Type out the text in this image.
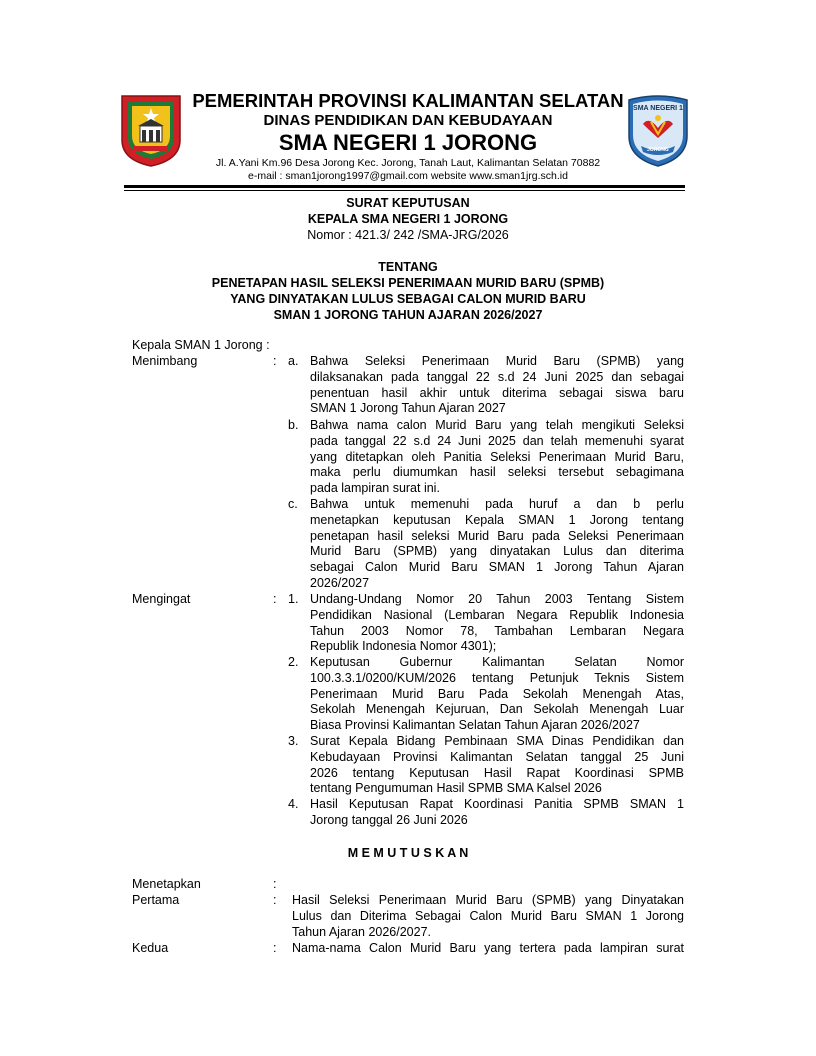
SMA NEGERI 1
JORONG
PEMERINTAH PROVINSI KALIMANTAN SELATAN
DINAS PENDIDIKAN DAN KEBUDAYAAN
SMA NEGERI 1 JORONG
Jl. A.Yani Km.96 Desa Jorong Kec. Jorong, Tanah Laut, Kalimantan Selatan 70882
e-mail : sman1jorong1997@gmail.com website www.sman1jrg.sch.id
SURAT KEPUTUSAN
KEPALA SMA NEGERI 1 JORONG
Nomor : 421.3/ 242 /SMA-JRG/2026
TENTANG
PENETAPAN HASIL SELEKSI PENERIMAAN MURID BARU (SPMB)
YANG DINYATAKAN LULUS SEBAGAI CALON MURID BARU
SMAN 1 JORONG TAHUN AJARAN 2026/2027
Kepala SMAN 1 Jorong :
Menimbang	: a. Bahwa Seleksi Penerimaan Murid Baru (SPMB) yang
dilaksanakan pada tanggal 22 s.d 24 Juni 2025 dan sebagai
penentuan hasil akhir untuk diterima sebagai siswa baru
SMAN 1 Jorong Tahun Ajaran 2027
b. Bahwa nama calon Murid Baru yang telah mengikuti Seleksi
pada tanggal 22 s.d 24 Juni 2025 dan telah memenuhi syarat
yang ditetapkan oleh Panitia Seleksi Penerimaan Murid Baru,
maka perlu diumumkan hasil seleksi tersebut sebagimana
pada lampiran surat ini.
c. Bahwa untuk memenuhi pada huruf a dan b perlu
menetapkan keputusan Kepala SMAN 1 Jorong tentang
penetapan hasil seleksi Murid Baru pada Seleksi Penerimaan
Murid Baru (SPMB) yang dinyatakan Lulus dan diterima
sebagai Calon Murid Baru SMAN 1 Jorong Tahun Ajaran
2026/2027
Mengingat	: 1. Undang-Undang Nomor 20 Tahun 2003 Tentang Sistem
Pendidikan Nasional (Lembaran Negara Republik Indonesia
Tahun 2003 Nomor 78, Tambahan Lembaran Negara
Republik Indonesia Nomor 4301);
2. Keputusan Gubernur Kalimantan Selatan Nomor
100.3.3.1/0200/KUM/2026 tentang Petunjuk Teknis Sistem
Penerimaan Murid Baru Pada Sekolah Menengah Atas,
Sekolah Menengah Kejuruan, Dan Sekolah Menengah Luar
Biasa Provinsi Kalimantan Selatan Tahun Ajaran 2026/2027
3. Surat Kepala Bidang Pembinaan SMA Dinas Pendidikan dan
Kebudayaan Provinsi Kalimantan Selatan tanggal 25 Juni
2026 tentang Keputusan Hasil Rapat Koordinasi SPMB
tentang Pengumuman Hasil SPMB SMA Kalsel 2026
4. Hasil Keputusan Rapat Koordinasi Panitia SPMB SMAN 1
Jorong tanggal 26 Juni 2026
M E M U T U S K A N
Menetapkan	:
Pertama	: Hasil Seleksi Penerimaan Murid Baru (SPMB) yang Dinyatakan
Lulus dan Diterima Sebagai Calon Murid Baru SMAN 1 Jorong
Tahun Ajaran 2026/2027.
Kedua	: Nama-nama Calon Murid Baru yang tertera pada lampiran surat
